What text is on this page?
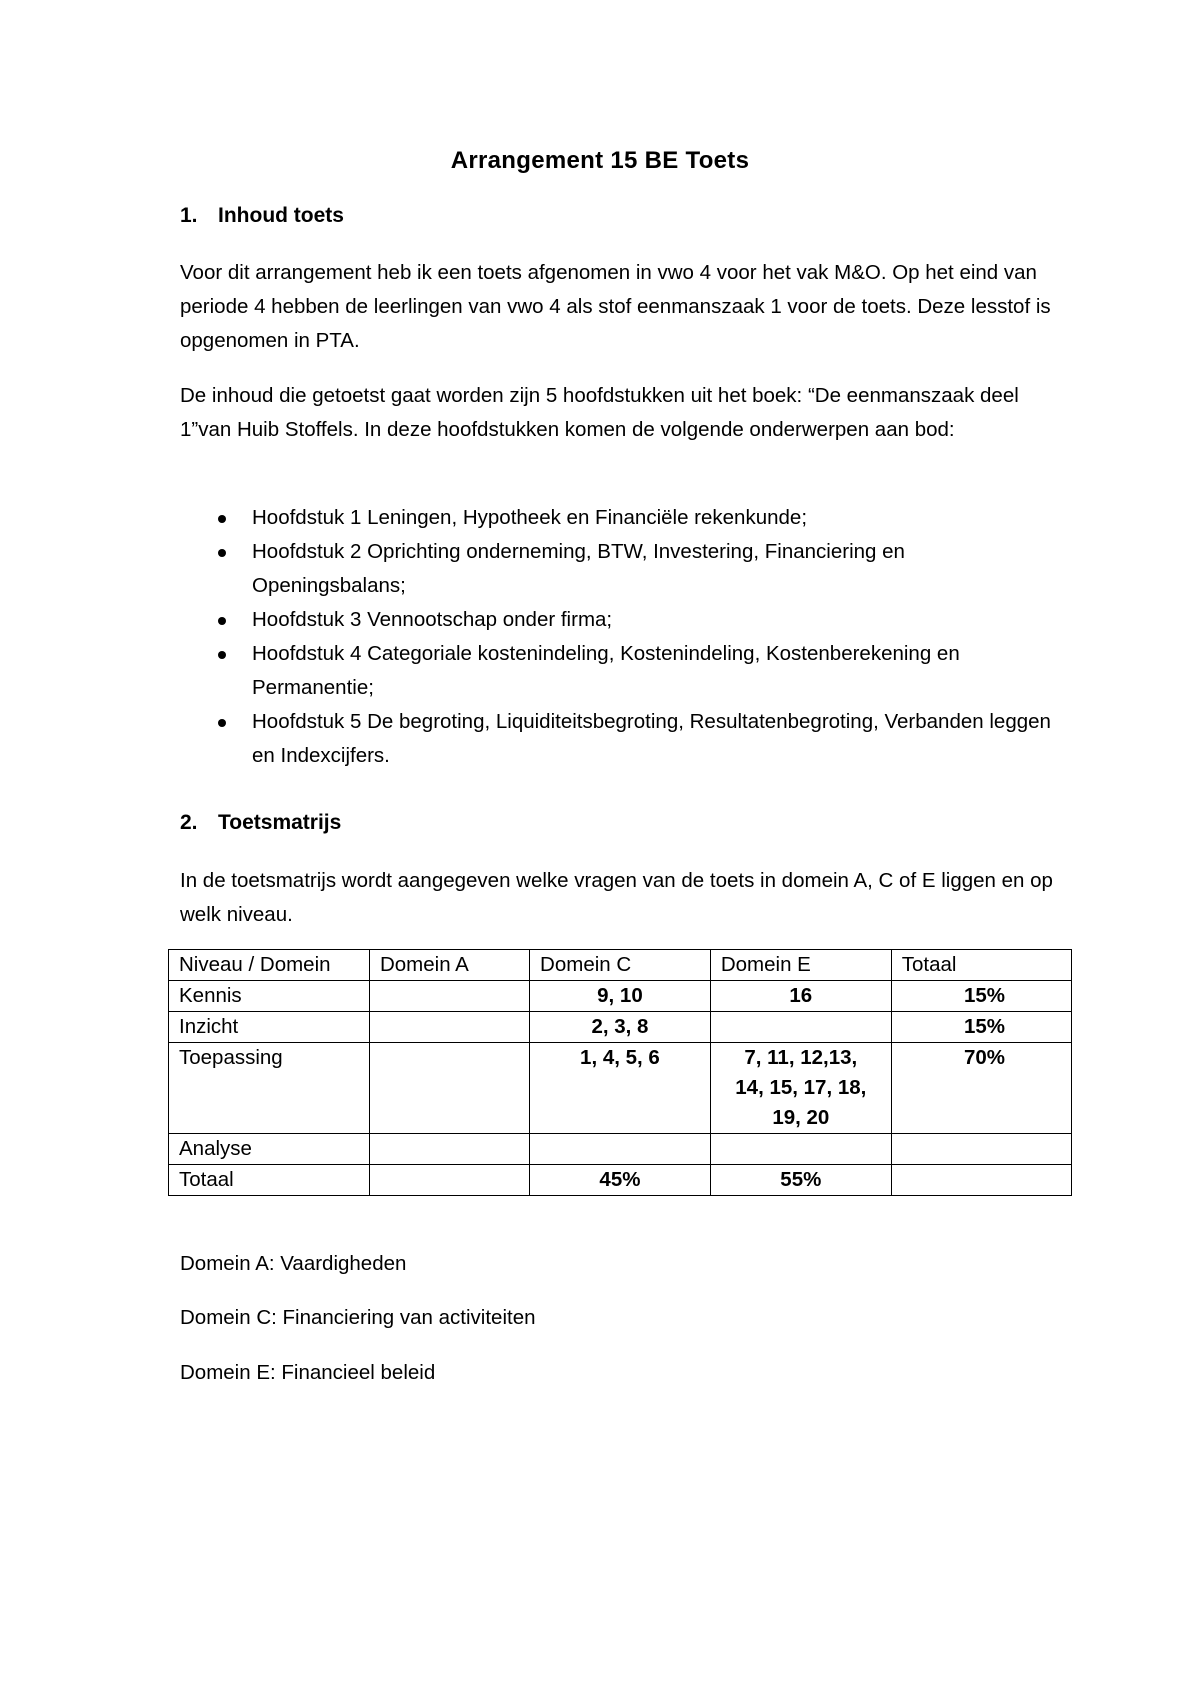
Arrangement 15 BE Toets
1. Inhoud toets
Voor dit arrangement heb ik een toets afgenomen in vwo 4 voor het vak M&O. Op het eind van periode 4 hebben de leerlingen van vwo 4 als stof eenmanszaak 1 voor de toets. Deze lesstof is opgenomen in PTA.
De inhoud die getoetst gaat worden zijn 5 hoofdstukken uit het boek: “De eenmanszaak deel 1”van Huib Stoffels. In deze hoofdstukken komen de volgende onderwerpen aan bod:
Hoofdstuk 1 Leningen, Hypotheek en Financiële rekenkunde;
Hoofdstuk 2 Oprichting onderneming, BTW, Investering, Financiering en Openingsbalans;
Hoofdstuk 3 Vennootschap onder firma;
Hoofdstuk 4 Categoriale kostenindeling, Kostenindeling, Kostenberekening en Permanentie;
Hoofdstuk 5 De begroting, Liquiditeitsbegroting, Resultatenbegroting, Verbanden leggen en Indexcijfers.
2. Toetsmatrijs
In de toetsmatrijs wordt aangegeven welke vragen van de toets in domein A, C of E liggen en op welk niveau.
Niveau / Domein	Domein A	Domein C	Domein E	Totaal
Kennis		9, 10	16	15%
Inzicht		2, 3, 8		15%
Toepassing		1, 4, 5, 6	7, 11, 12,13, 14, 15, 17, 18, 19, 20	70%
Analyse				
Totaal		45%	55%	
Domein A: Vaardigheden
Domein C: Financiering van activiteiten
Domein E: Financieel beleid
